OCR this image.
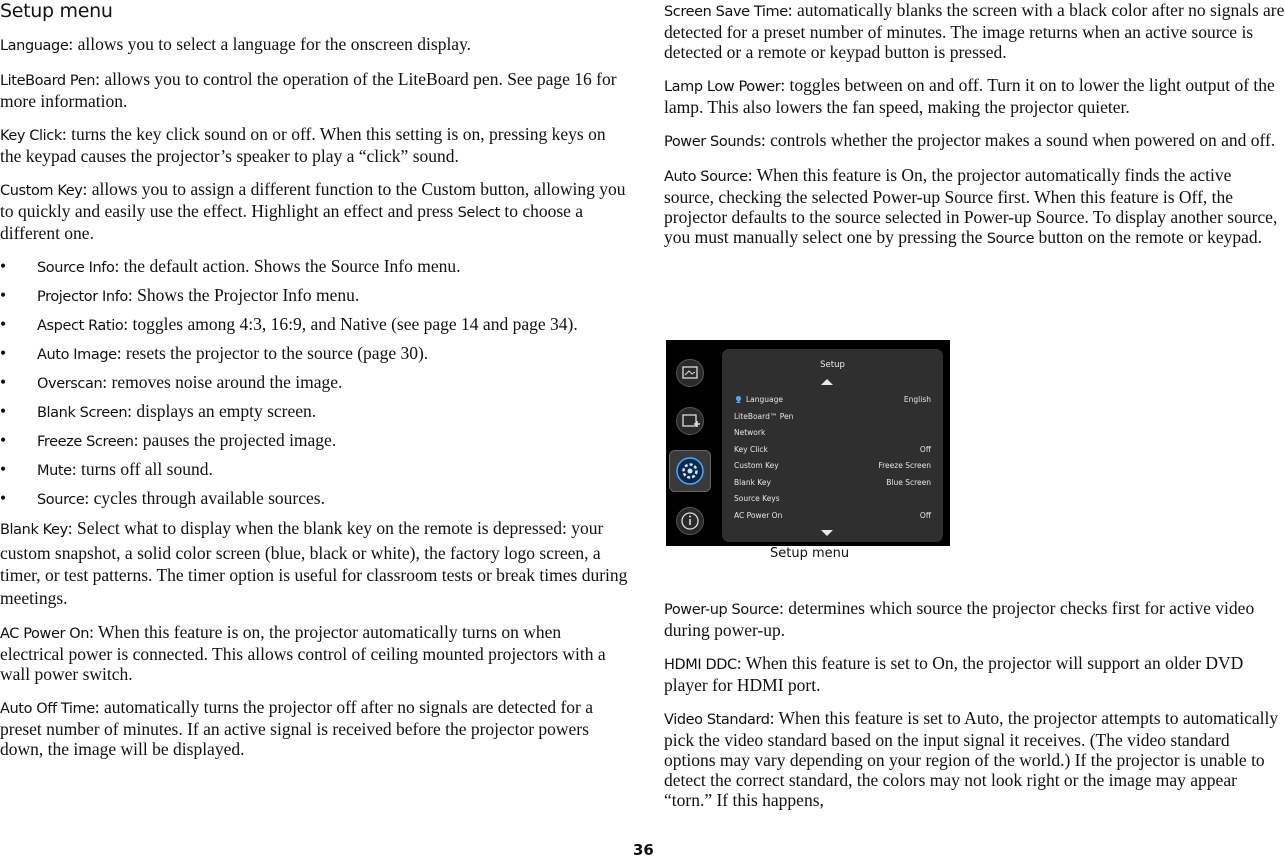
Setup menu

Language: allows you to select a language for the onscreen display.

LiteBoard Pen: allows you to control the operation of the LiteBoard pen. See page 16 for more information.

Key Click: turns the key click sound on or off. When this setting is on, pressing keys on the keypad causes the projector’s speaker to play a “click” sound.

Custom Key: allows you to assign a different function to the Custom button, allowing you to quickly and easily use the effect. Highlight an effect and press Select to choose a different one.

• Source Info: the default action. Shows the Source Info menu.
• Projector Info: Shows the Projector Info menu.
• Aspect Ratio: toggles among 4:3, 16:9, and Native (see page 14 and page 34).
• Auto Image: resets the projector to the source (page 30).
• Overscan: removes noise around the image.
• Blank Screen: displays an empty screen.
• Freeze Screen: pauses the projected image.
• Mute: turns off all sound.
• Source: cycles through available sources.

Blank Key: Select what to display when the blank key on the remote is depressed: your custom snapshot, a solid color screen (blue, black or white), the factory logo screen, a timer, or test patterns. The timer option is useful for classroom tests or break times during meetings.

AC Power On: When this feature is on, the projector automatically turns on when electrical power is connected. This allows control of ceiling mounted projectors with a wall power switch.

Auto Off Time: automatically turns the projector off after no signals are detected for a preset number of minutes. If an active signal is received before the projector powers down, the image will be displayed.

Screen Save Time: automatically blanks the screen with a black color after no signals are detected for a preset number of minutes. The image returns when an active source is detected or a remote or keypad button is pressed.

Lamp Low Power: toggles between on and off. Turn it on to lower the light output of the lamp. This also lowers the fan speed, making the projector quieter.

Power Sounds: controls whether the projector makes a sound when powered on and off.

Auto Source: When this feature is On, the projector automatically finds the active source, checking the selected Power-up Source first. When this feature is Off, the projector defaults to the source selected in Power-up Source. To display another source, you must manually select one by pressing the Source button on the remote or keypad.

Setup
Language	English
LiteBoard™ Pen
Network
Key Click	Off
Custom Key	Freeze Screen
Blank Key	Blue Screen
Source Keys
AC Power On	Off
Setup menu

Power-up Source: determines which source the projector checks first for active video during power-up.

HDMI DDC: When this feature is set to On, the projector will support an older DVD player for HDMI port.

Video Standard: When this feature is set to Auto, the projector attempts to automatically pick the video standard based on the input signal it receives. (The video standard options may vary depending on your region of the world.) If the projector is unable to detect the correct standard, the colors may not look right or the image may appear “torn.” If this happens,

36
